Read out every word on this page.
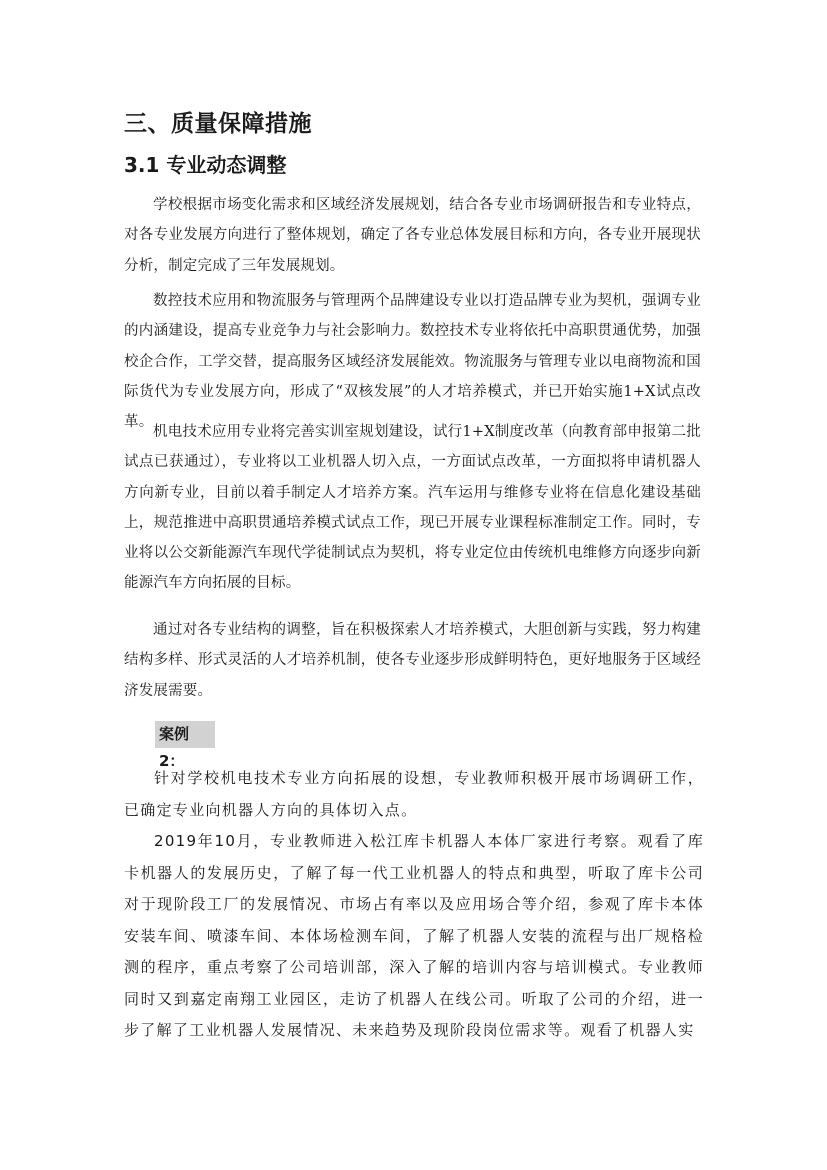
三、质量保障措施
3.1 专业动态调整

学校根据市场变化需求和区域经济发展规划，结合各专业市场调研报告和专业特点，对各专业发展方向进行了整体规划，确定了各专业总体发展目标和方向，各专业开展现状分析，制定完成了三年发展规划。

数控技术应用和物流服务与管理两个品牌建设专业以打造品牌专业为契机，强调专业的内涵建设，提高专业竞争力与社会影响力。数控技术专业将依托中高职贯通优势，加强校企合作，工学交替，提高服务区域经济发展能效。物流服务与管理专业以电商物流和国际货代为专业发展方向，形成了“双核发展”的人才培养模式，并已开始实施1+X试点改革。

机电技术应用专业将完善实训室规划建设，试行1+X制度改革（向教育部申报第二批试点已获通过），专业将以工业机器人切入点，一方面试点改革，一方面拟将申请机器人方向新专业，目前以着手制定人才培养方案。汽车运用与维修专业将在信息化建设基础上，规范推进中高职贯通培养模式试点工作，现已开展专业课程标准制定工作。同时，专业将以公交新能源汽车现代学徒制试点为契机，将专业定位由传统机电维修方向逐步向新能源汽车方向拓展的目标。

通过对各专业结构的调整，旨在积极探索人才培养模式，大胆创新与实践，努力构建结构多样、形式灵活的人才培养机制，使各专业逐步形成鲜明特色，更好地服务于区域经济发展需要。

案例 2：

针对学校机电技术专业方向拓展的设想，专业教师积极开展市场调研工作，已确定专业向机器人方向的具体切入点。

2019年10月，专业教师进入松江库卡机器人本体厂家进行考察。观看了库卡机器人的发展历史，了解了每一代工业机器人的特点和典型，听取了库卡公司对于现阶段工厂的发展情况、市场占有率以及应用场合等介绍，参观了库卡本体安装车间、喷漆车间、本体场检测车间，了解了机器人安装的流程与出厂规格检测的程序，重点考察了公司培训部，深入了解的培训内容与培训模式。专业教师同时又到嘉定南翔工业园区，走访了机器人在线公司。听取了公司的介绍，进一步了解了工业机器人发展情况、未来趋势及现阶段岗位需求等。观看了机器人实
